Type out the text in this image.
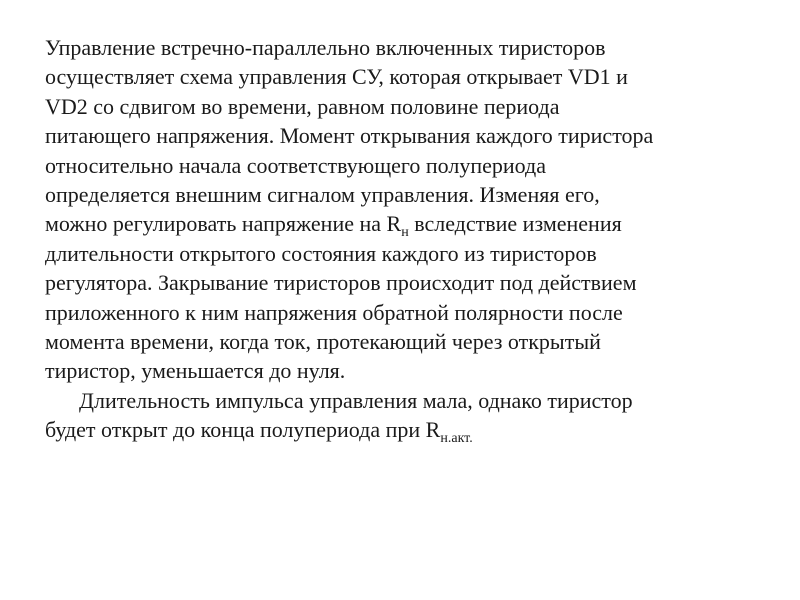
Управление встречно-параллельно включенных тиристоров
осуществляет схема управления СУ, которая открывает VD1 и
VD2 со сдвигом во времени, равном половине периода
питающего напряжения. Момент открывания каждого тиристора
относительно начала соответствующего полупериода
определяется внешним сигналом управления. Изменяя его,
можно регулировать напряжение на $R_н$ вследствие изменения
длительности открытого состояния каждого из тиристоров
регулятора. Закрывание тиристоров происходит под действием
приложенного к ним напряжения обратной полярности после
момента времени, когда ток, протекающий через открытый
тиристор, уменьшается до нуля.
Длительность импульса управления мала, однако тиристор
будет открыт до конца полупериода при $R_{н.акт.}$
